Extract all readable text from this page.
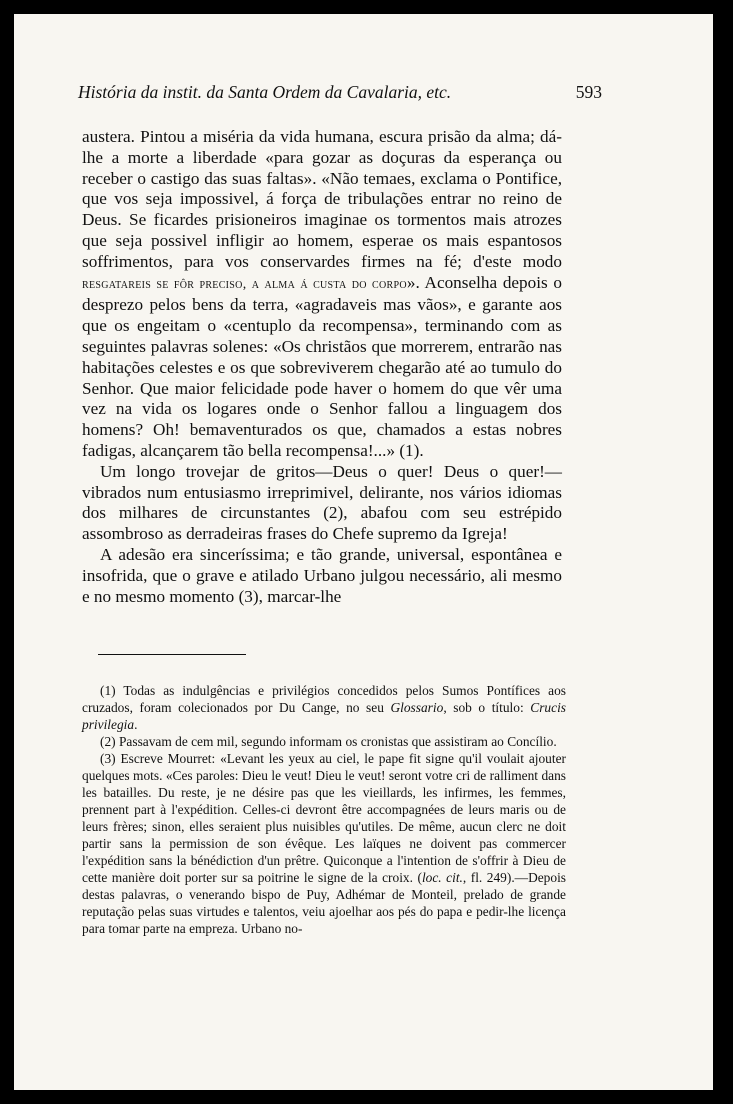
História da instit. da Santa Ordem da Cavalaria, etc.	593

austera. Pintou a miséria da vida humana, escura prisão da alma; dá-lhe a morte a liberdade «para gozar as doçuras da esperança ou receber o castigo das suas faltas». «Não temaes, exclama o Pontifice, que vos seja impossivel, á força de tribulações entrar no reino de Deus. Se ficardes prisioneiros imaginae os tormentos mais atrozes que seja possivel infligir ao homem, esperae os mais espantosos soffrimentos, para vos conservardes firmes na fé; d'este modo resgatareis se fôr preciso, a alma á custa do corpo». Aconselha depois o desprezo pelos bens da terra, «agradaveis mas vãos», e garante aos que os engeitam o «centuplo da recompensa», terminando com as seguintes palavras solenes: «Os christãos que morrerem, entrarão nas habitações celestes e os que sobreviverem chegarão até ao tumulo do Senhor. Que maior felicidade pode haver o homem do que vêr uma vez na vida os logares onde o Senhor fallou a linguagem dos homens? Oh! bemaventurados os que, chamados a estas nobres fadigas, alcançarem tão bella recompensa!...» (1).

Um longo trovejar de gritos—Deus o quer! Deus o quer!—vibrados num entusiasmo irreprimivel, delirante, nos vários idiomas dos milhares de circunstantes (2), abafou com seu estrépido assombroso as derradeiras frases do Chefe supremo da Igreja!

A adesão era sinceríssima; e tão grande, universal, espontânea e insofrida, que o grave e atilado Urbano julgou necessário, ali mesmo e no mesmo momento (3), marcar-lhe

(1) Todas as indulgências e privilégios concedidos pelos Sumos Pontífices aos cruzados, foram colecionados por Du Cange, no seu Glossario, sob o título: Crucis privilegia.

(2) Passavam de cem mil, segundo informam os cronistas que assistiram ao Concílio.

(3) Escreve Mourret: «Levant les yeux au ciel, le pape fit signe qu'il voulait ajouter quelques mots. «Ces paroles: Dieu le veut! Dieu le veut! seront votre cri de ralliment dans les batailles. Du reste, je ne désire pas que les vieillards, les infirmes, les femmes, prennent part à l'expédition. Celles-ci devront être accompagnées de leurs maris ou de leurs frères; sinon, elles seraient plus nuisibles qu'utiles. De même, aucun clerc ne doit partir sans la permission de son évêque. Les laïques ne doivent pas commercer l'expédition sans la bénédiction d'un prêtre. Quiconque a l'intention de s'offrir à Dieu de cette manière doit porter sur sa poitrine le signe de la croix. (loc. cit., fl. 249).—Depois destas palavras, o venerando bispo de Puy, Adhémar de Monteil, prelado de grande reputação pelas suas virtudes e talentos, veiu ajoelhar aos pés do papa e pedir-lhe licença para tomar parte na empreza. Urbano no-
